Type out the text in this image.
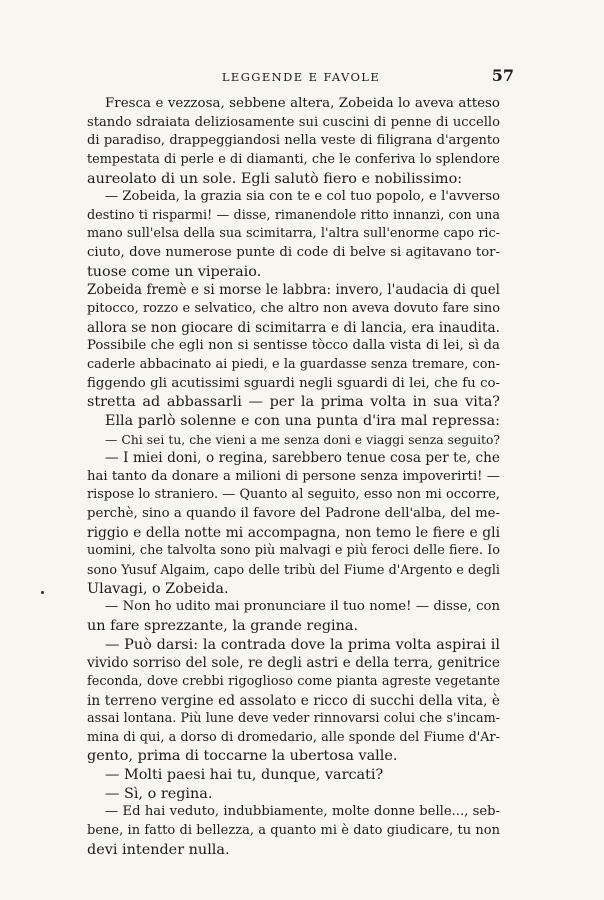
LEGGENDE E FAVOLE	57
Fresca e vezzosa, sebbene altera, Zobeida lo aveva atteso
stando sdraiata deliziosamente sui cuscini di penne di uccello
di paradiso, drappeggiandosi nella veste di filigrana d'argento
tempestata di perle e di diamanti, che le conferiva lo splendore
aureolato di un sole. Egli salutò fiero e nobilissimo:
— Zobeida, la grazia sia con te e col tuo popolo, e l'avverso
destino ti risparmi! — disse, rimanendole ritto innanzi, con una
mano sull'elsa della sua scimitarra, l'altra sull'enorme capo ric-
ciuto, dove numerose punte di code di belve si agitavano tor-
tuose come un viperaio.
Zobeida fremè e si morse le labbra: invero, l'audacia di quel
pitocco, rozzo e selvatico, che altro non aveva dovuto fare sino
allora se non giocare di scimitarra e di lancia, era inaudita.
Possibile che egli non si sentisse tòcco dalla vista di lei, sì da
caderle abbacinato ai piedi, e la guardasse senza tremare, con-
figgendo gli acutissimi sguardi negli sguardi di lei, che fu co-
stretta ad abbassarli — per la prima volta in sua vita?
Ella parlò solenne e con una punta d'ira mal repressa:
— Chi sei tu, che vieni a me senza doni e viaggi senza seguito?
— I miei doni, o regina, sarebbero tenue cosa per te, che
hai tanto da donare a milioni di persone senza impoverirti! —
rispose lo straniero. — Quanto al seguito, esso non mi occorre,
perchè, sino a quando il favore del Padrone dell'alba, del me-
riggio e della notte mi accompagna, non temo le fiere e gli
uomini, che talvolta sono più malvagi e più feroci delle fiere. Io
sono Yusuf Algaim, capo delle tribù del Fiume d'Argento e degli
Ulavagi, o Zobeida.
— Non ho udito mai pronunciare il tuo nome! — disse, con
un fare sprezzante, la grande regina.
— Può darsi: la contrada dove la prima volta aspirai il
vivido sorriso del sole, re degli astri e della terra, genitrice
feconda, dove crebbi rigoglioso come pianta agreste vegetante
in terreno vergine ed assolato e ricco di succhi della vita, è
assai lontana. Più lune deve veder rinnovarsi colui che s'incam-
mina di qui, a dorso di dromedario, alle sponde del Fiume d'Ar-
gento, prima di toccarne la ubertosa valle.
— Molti paesi hai tu, dunque, varcati?
— Sì, o regina.
— Ed hai veduto, indubbiamente, molte donne belle..., seb-
bene, in fatto di bellezza, a quanto mi è dato giudicare, tu non
devi intender nulla.
